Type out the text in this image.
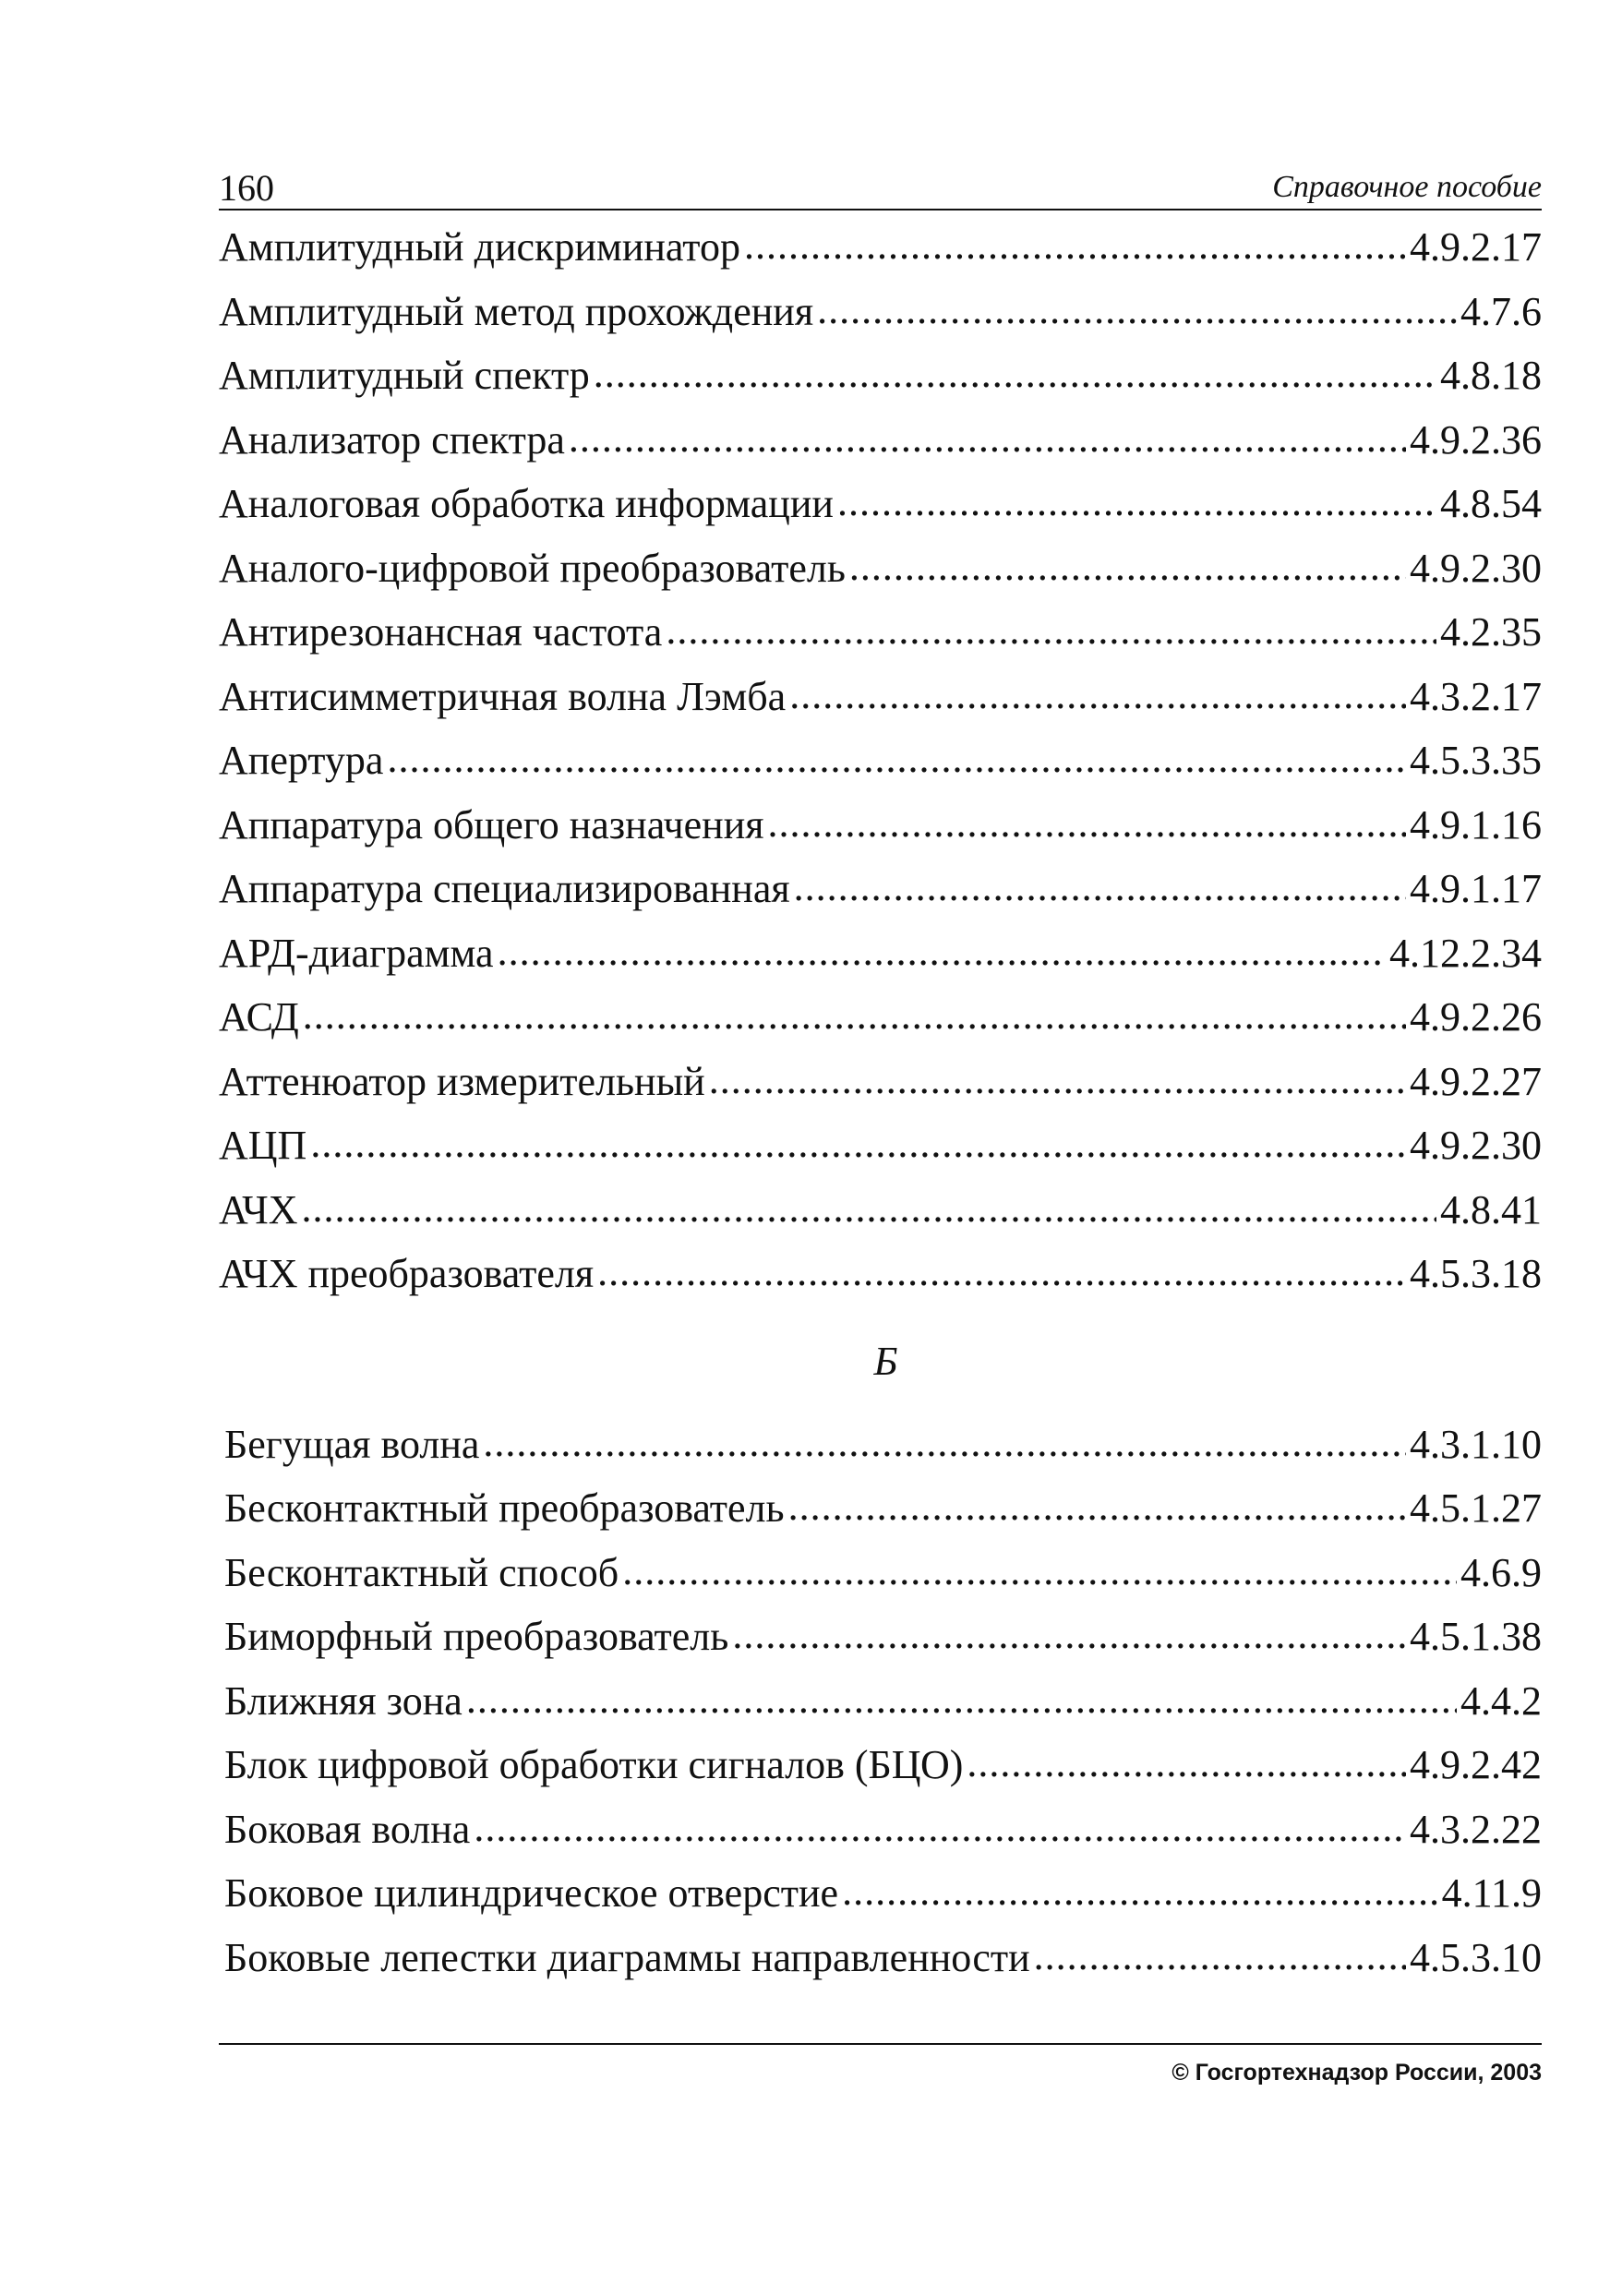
160	Справочное пособие
Амплитудный дискриминатор .....	4.9.2.17
Амплитудный метод прохождения .....	4.7.6
Амплитудный спектр .....	4.8.18
Анализатор спектра .....	4.9.2.36
Аналоговая обработка информации .....	4.8.54
Аналого-цифровой преобразователь .....	4.9.2.30
Антирезонансная частота .....	4.2.35
Антисимметричная волна Лэмба .....	4.3.2.17
Апертура .....	4.5.3.35
Аппаратура общего назначения .....	4.9.1.16
Аппаратура специализированная .....	4.9.1.17
АРД-диаграмма .....	4.12.2.34
АСД .....	4.9.2.26
Аттенюатор измерительный .....	4.9.2.27
АЦП .....	4.9.2.30
АЧХ .....	4.8.41
АЧХ преобразователя .....	4.5.3.18
Б
Бегущая волна .....	4.3.1.10
Бесконтактный преобразователь .....	4.5.1.27
Бесконтактный способ .....	4.6.9
Биморфный преобразователь .....	4.5.1.38
Ближняя зона .....	4.4.2
Блок цифровой обработки сигналов (БЦО) .....	4.9.2.42
Боковая волна .....	4.3.2.22
Боковое цилиндрическое отверстие .....	4.11.9
Боковые лепестки диаграммы направленности .....	4.5.3.10
© Госгортехнадзор России, 2003
